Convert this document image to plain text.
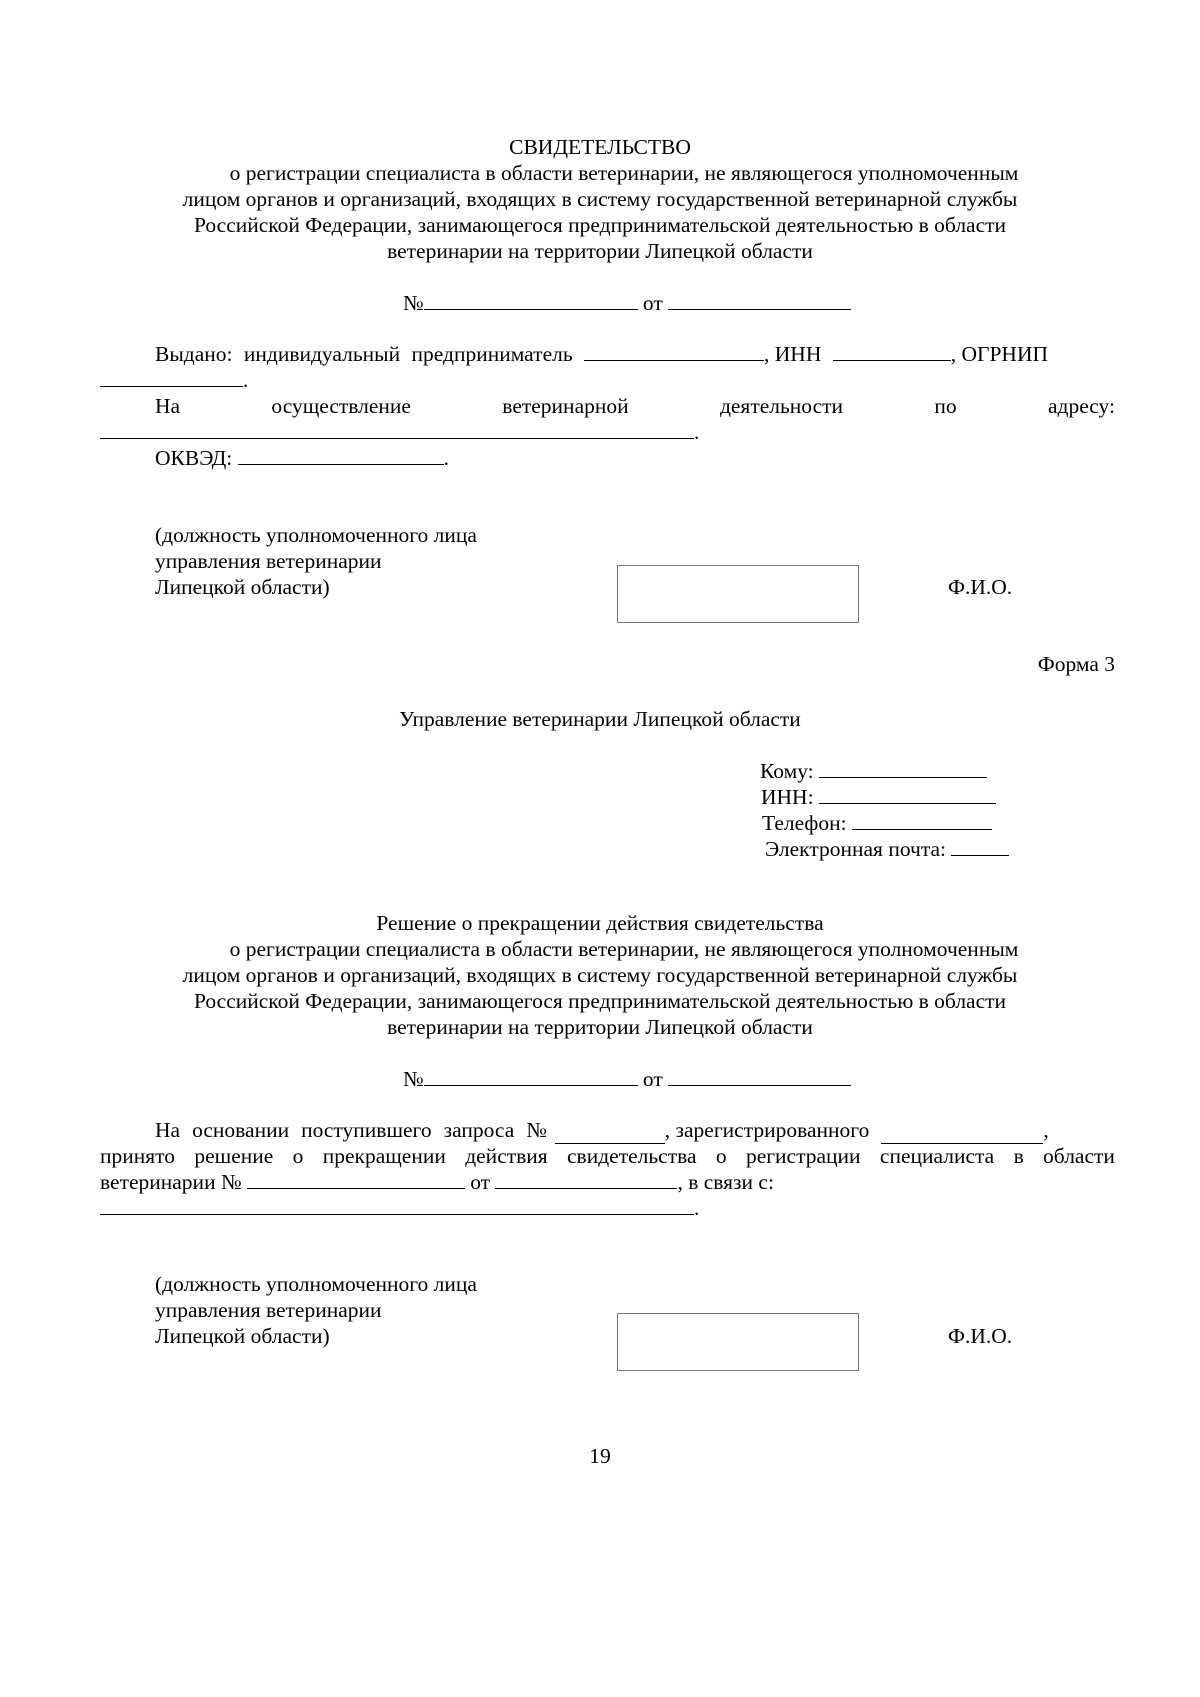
СВИДЕТЕЛЬСТВО
о регистрации специалиста в области ветеринарии, не являющегося уполномоченным
лицом органов и организаций, входящих в систему государственной ветеринарной службы
Российской Федерации, занимающегося предпринимательской деятельностью в области
ветеринарии на территории Липецкой области
№	от
Выдано: индивидуальный предприниматель	, ИНН	, ОГРНИП
.
На	осуществление	ветеринарной	деятельности	по	адресу:
.
ОКВЭД:	.
(должность уполномоченного лица
управления ветеринарии
Липецкой области)	Ф.И.О.
Форма 3
Управление ветеринарии Липецкой области
Кому:
ИНН:
Телефон:
Электронная почта:
Решение о прекращении действия свидетельства
о регистрации специалиста в области ветеринарии, не являющегося уполномоченным
лицом органов и организаций, входящих в систему государственной ветеринарной службы
Российской Федерации, занимающегося предпринимательской деятельностью в области
ветеринарии на территории Липецкой области
№	от
На основании поступившего запроса №	, зарегистрированного	,
принято решение о прекращении действия свидетельства о регистрации специалиста в области
ветеринарии №	от	, в связи с:
.
(должность уполномоченного лица
управления ветеринарии
Липецкой области)	Ф.И.О.
19
